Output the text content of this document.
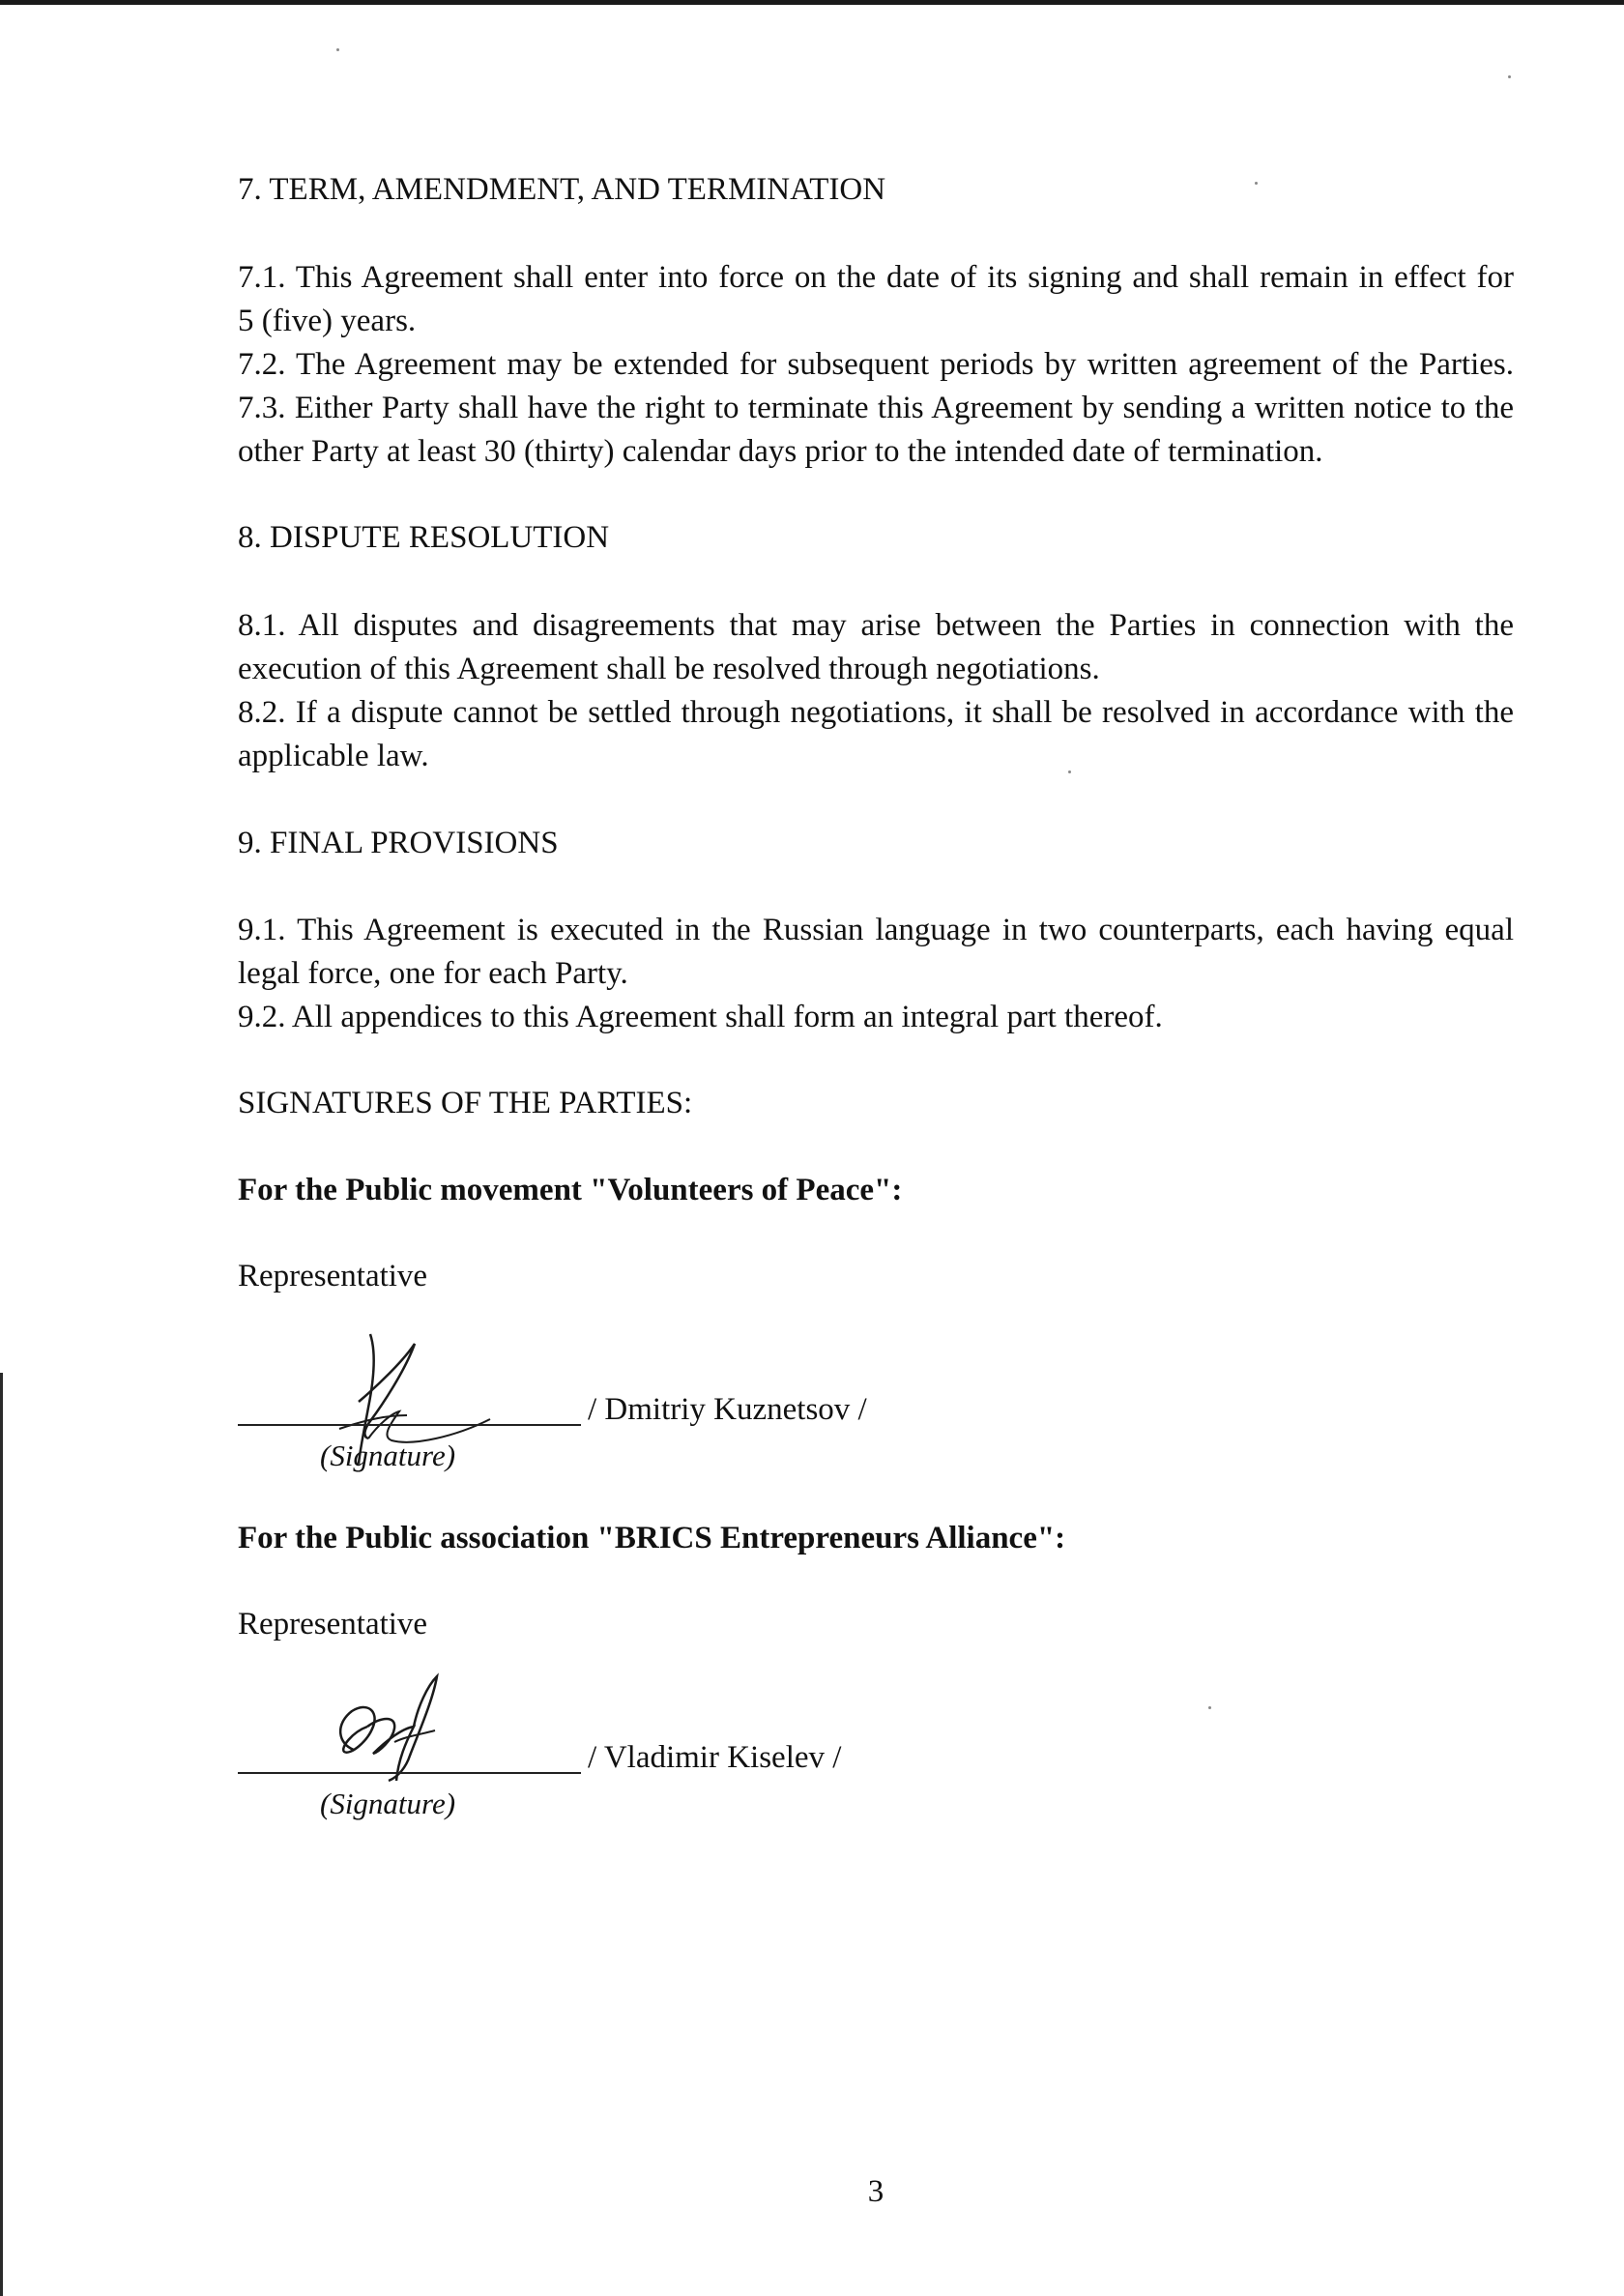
7. TERM, AMENDMENT, AND TERMINATION
7.1. This Agreement shall enter into force on the date of its signing and shall remain in effect for
5 (five) years.
7.2. The Agreement may be extended for subsequent periods by written agreement of the Parties.
7.3. Either Party shall have the right to terminate this Agreement by sending a written notice to the
other Party at least 30 (thirty) calendar days prior to the intended date of termination.
8. DISPUTE RESOLUTION
8.1. All disputes and disagreements that may arise between the Parties in connection with the
execution of this Agreement shall be resolved through negotiations.
8.2. If a dispute cannot be settled through negotiations, it shall be resolved in accordance with the
applicable law.
9. FINAL PROVISIONS
9.1. This Agreement is executed in the Russian language in two counterparts, each having equal
legal force, one for each Party.
9.2. All appendices to this Agreement shall form an integral part thereof.
SIGNATURES OF THE PARTIES:
For the Public movement "Volunteers of Peace":
Representative
/ Dmitriy Kuznetsov /
(Signature)
For the Public association "BRICS Entrepreneurs Alliance":
Representative
/ Vladimir Kiselev /
(Signature)
3
